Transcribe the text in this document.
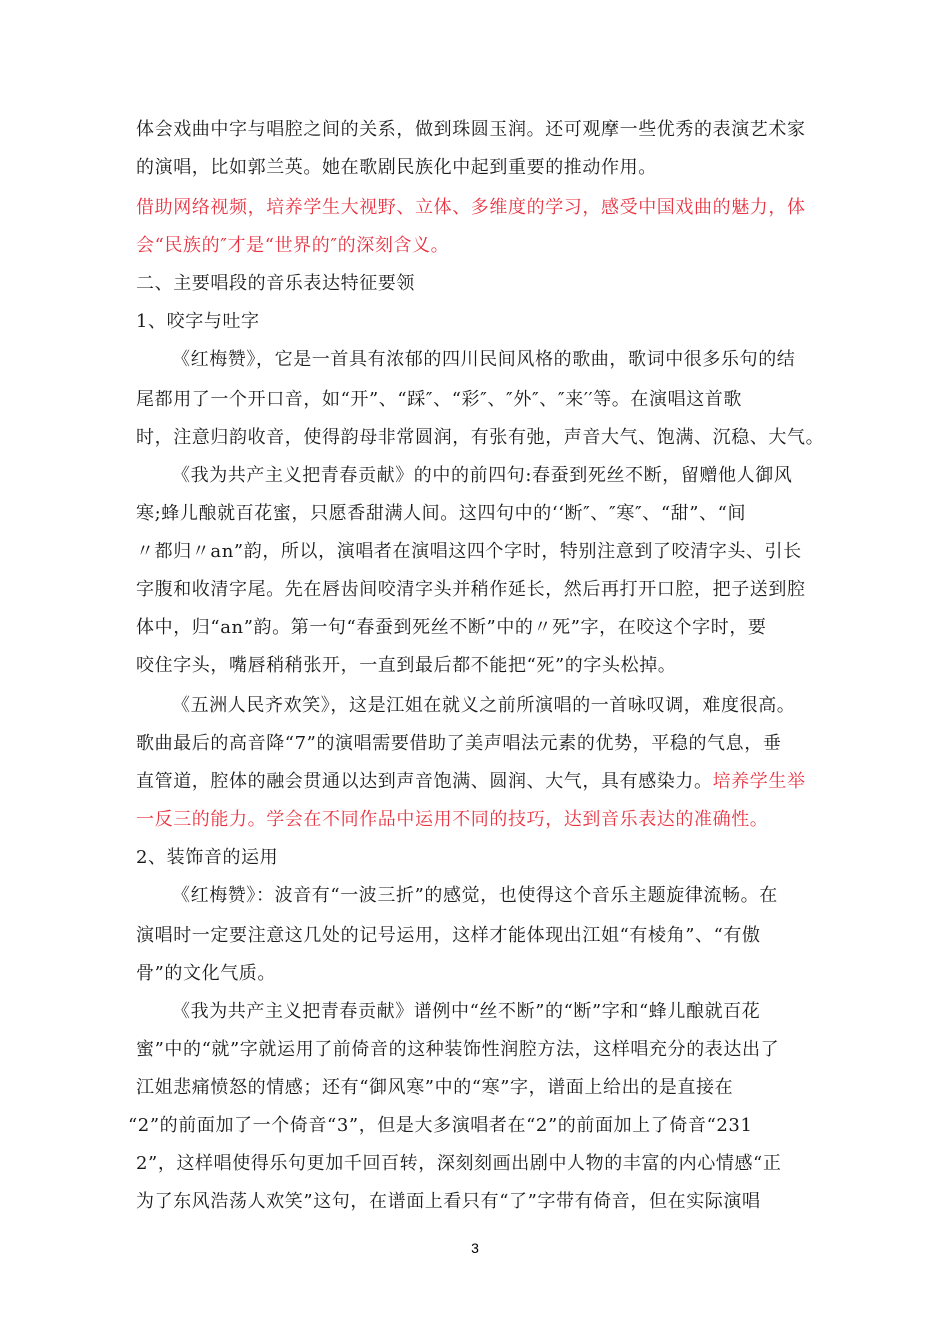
体会戏曲中字与唱腔之间的关系，做到珠圆玉润。还可观摩一些优秀的表演艺术家

的演唱，比如郭兰英。她在歌剧民族化中起到重要的推动作用。

借助网络视频，培养学生大视野、立体、多维度的学习，感受中国戏曲的魅力，体

会“民族的″才是“世界的″的深刻含义。

二、主要唱段的音乐表达特征要领

1、咬字与吐字

《红梅赞》，它是一首具有浓郁的四川民间风格的歌曲，歌词中很多乐句的结

尾都用了一个开口音，如“开”、“踩″、“彩″、″外″、″来′′等。在演唱这首歌

时，注意归韵收音，使得韵母非常圆润，有张有弛，声音大气、饱满、沉稳、大气。

《我为共产主义把青春贡献》的中的前四句:春蚕到死丝不断，留赠他人御风

寒;蜂儿酿就百花蜜，只愿香甜满人间。这四句中的‘‘断″、″寒″、“甜”、“间

〃都归〃an”韵，所以，演唱者在演唱这四个字时，特别注意到了咬清字头、引长

字腹和收清字尾。先在唇齿间咬清字头并稍作延长，然后再打开口腔，把子送到腔

体中，归“an”韵。第一句“春蚕到死丝不断”中的〃死”字，在咬这个字时，要

咬住字头，嘴唇稍稍张开，一直到最后都不能把“死”的字头松掉。

《五洲人民齐欢笑》，这是江姐在就义之前所演唱的一首咏叹调，难度很高。

歌曲最后的高音降“7”的演唱需要借助了美声唱法元素的优势，平稳的气息，垂

直管道，腔体的融会贯通以达到声音饱满、圆润、大气，具有感染力。培养学生举

一反三的能力。学会在不同作品中运用不同的技巧，达到音乐表达的准确性。

2、装饰音的运用

《红梅赞》：波音有“一波三折”的感觉，也使得这个音乐主题旋律流畅。在

演唱时一定要注意这几处的记号运用，这样才能体现出江姐“有棱角”、“有傲

骨”的文化气质。

《我为共产主义把青春贡献》谱例中“丝不断”的“断”字和“蜂儿酿就百花

蜜”中的“就”字就运用了前倚音的这种装饰性润腔方法，这样唱充分的表达出了

江姐悲痛愤怒的情感；还有“御风寒”中的“寒”字，谱面上给出的是直接在

“2”的前面加了一个倚音“3”，但是大多演唱者在“2”的前面加上了倚音“231

2”，这样唱使得乐句更加千回百转，深刻刻画出剧中人物的丰富的内心情感“正

为了东风浩荡人欢笑”这句，在谱面上看只有“了”字带有倚音，但在实际演唱

3
